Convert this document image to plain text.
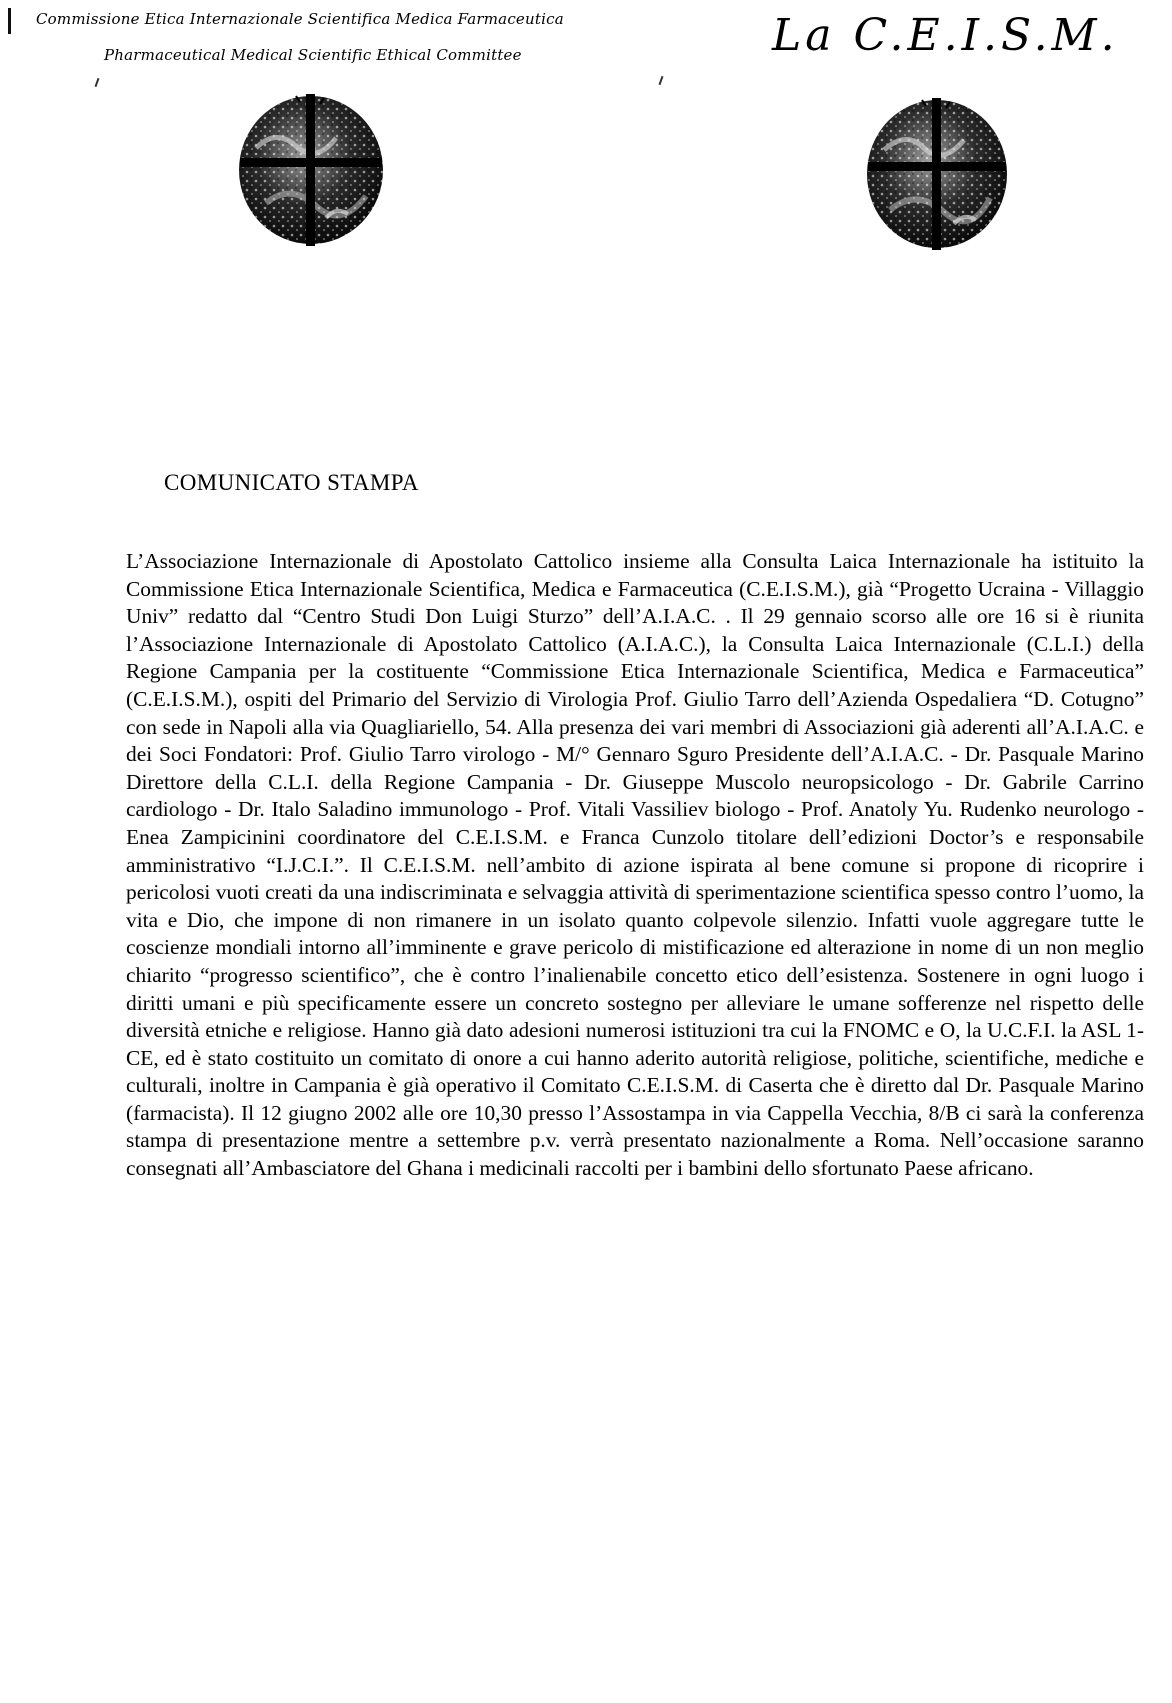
Commissione Etica Internazionale Scientifica Medica Farmaceutica
Pharmaceutical Medical Scientific Ethical Committee	La C.E.I.S.M.
COMUNICATO STAMPA

L’Associazione Internazionale di Apostolato Cattolico insieme alla Consulta Laica Internazionale ha istituito la Commissione Etica Internazionale Scientifica, Medica e Farmaceutica (C.E.I.S.M.), già “Progetto Ucraina - Villaggio Univ” redatto dal “Centro Studi Don Luigi Sturzo” dell’A.I.A.C. . Il 29 gennaio scorso alle ore 16 si è riunita l’Associazione Internazionale di Apostolato Cattolico (A.I.A.C.), la Consulta Laica Internazionale (C.L.I.) della Regione Campania per la costituente “Commissione Etica Internazionale Scientifica, Medica e Farmaceutica” (C.E.I.S.M.), ospiti del Primario del Servizio di Virologia Prof. Giulio Tarro dell’Azienda Ospedaliera “D. Cotugno” con sede in Napoli alla via Quagliariello, 54. Alla presenza dei vari membri di Associazioni già aderenti all’A.I.A.C. e dei Soci Fondatori: Prof. Giulio Tarro virologo - M/° Gennaro Sguro Presidente dell’A.I.A.C. - Dr. Pasquale Marino Direttore della C.L.I. della Regione Campania - Dr. Giuseppe Muscolo neuropsicologo - Dr. Gabrile Carrino cardiologo - Dr. Italo Saladino immunologo - Prof. Vitali Vassiliev biologo - Prof. Anatoly Yu. Rudenko neurologo - Enea Zampicinini coordinatore del C.E.I.S.M. e Franca Cunzolo titolare dell’edizioni Doctor’s e responsabile amministrativo “I.J.C.I.”. Il C.E.I.S.M. nell’ambito di azione ispirata al bene comune si propone di ricoprire i pericolosi vuoti creati da una indiscriminata e selvaggia attività di sperimentazione scientifica spesso contro l’uomo, la vita e Dio, che impone di non rimanere in un isolato quanto colpevole silenzio. Infatti vuole aggregare tutte le coscienze mondiali intorno all’imminente e grave pericolo di mistificazione ed alterazione in nome di un non meglio chiarito “progresso scientifico”, che è contro l’inalienabile concetto etico dell’esistenza. Sostenere in ogni luogo i diritti umani e più specificamente essere un concreto sostegno per alleviare le umane sofferenze nel rispetto delle diversità etniche e religiose. Hanno già dato adesioni numerosi istituzioni tra cui la FNOMC e O, la U.C.F.I. la ASL 1-CE, ed è stato costituito un comitato di onore a cui hanno aderito autorità religiose, politiche, scientifiche, mediche e culturali, inoltre in Campania è già operativo il Comitato C.E.I.S.M. di Caserta che è diretto dal Dr. Pasquale Marino (farmacista). Il 12 giugno 2002 alle ore 10,30 presso l’Assostampa in via Cappella Vecchia, 8/B ci sarà la conferenza stampa di presentazione mentre a settembre p.v. verrà presentato nazionalmente a Roma. Nell’occasione saranno consegnati all’Ambasciatore del Ghana i medicinali raccolti per i bambini dello sfortunato Paese africano.
